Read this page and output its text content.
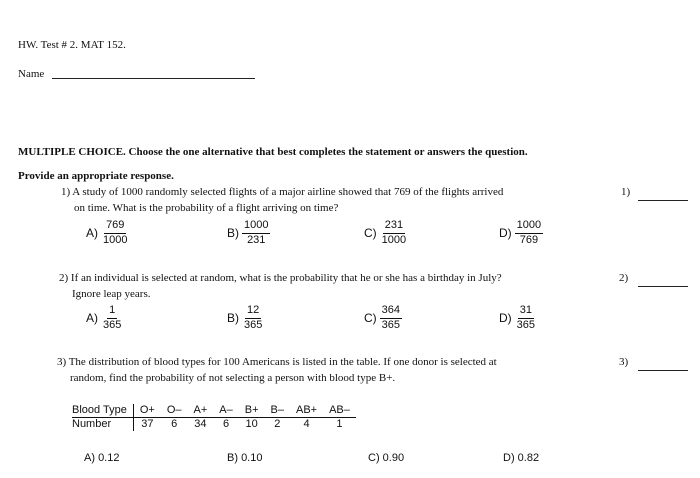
HW. Test # 2. MAT 152.
Name
MULTIPLE CHOICE. Choose the one alternative that best completes the statement or answers the question.
Provide an appropriate response.
1) A study of 1000 randomly selected flights of a major airline showed that 769 of the flights arrived
on time. What is the probability of a flight arriving on time?
1)
$A) \frac{769}{1000}$	$B) \frac{1000}{231}$	$C) \frac{231}{1000}$	$D) \frac{1000}{769}$
2) If an individual is selected at random, what is the probability that he or she has a birthday in July?
Ignore leap years.
2)
$A) \frac{1}{365}$	$B) \frac{12}{365}$	$C) \frac{364}{365}$	$D) \frac{31}{365}$
3) The distribution of blood types for 100 Americans is listed in the table. If one donor is selected at
random, find the probability of not selecting a person with blood type B+.
3)
Blood Type	O+	O–	A+	A–	B+	B–	AB+	AB–
Number	37	6	34	6	10	2	4	1
A) 0.12	B) 0.10	C) 0.90	D) 0.82
